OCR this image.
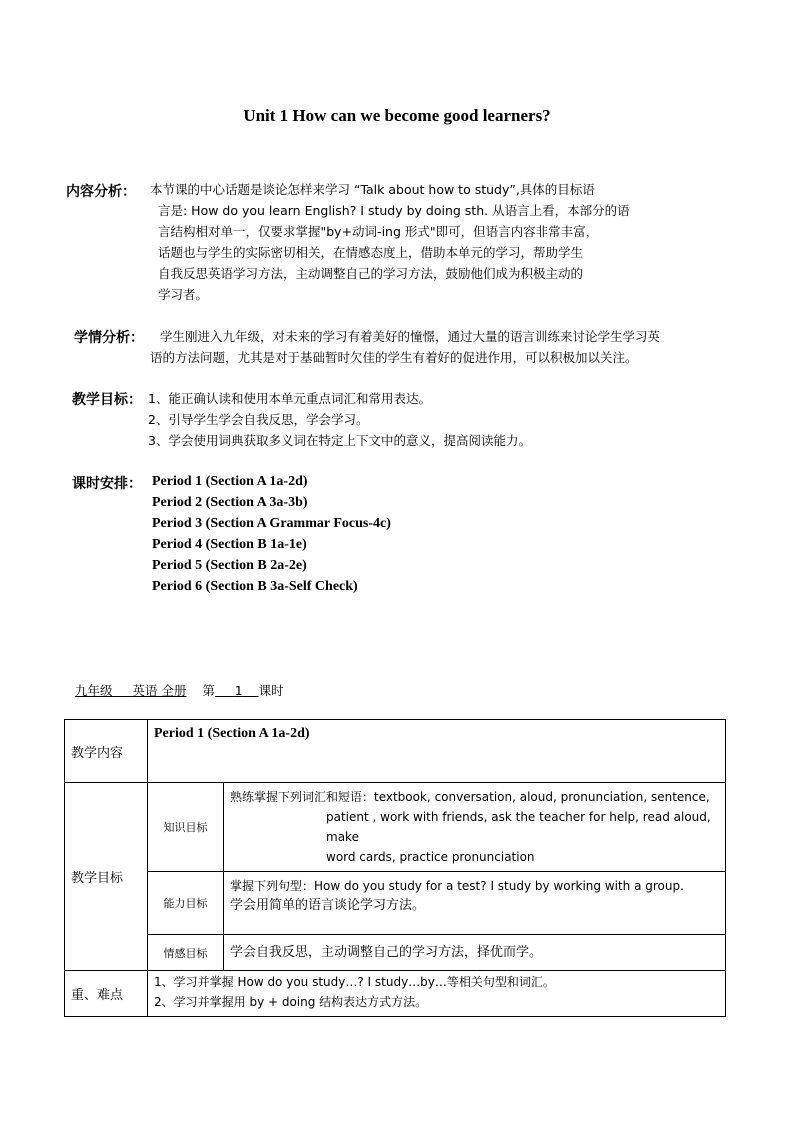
Unit 1 How can we become good learners?
内容分析： 本节课的中心话题是谈论怎样来学习 “Talk about how to study”,具体的目标语
言是: How do you learn English? I study by doing sth. 从语言上看，本部分的语
言结构相对单一，仅要求掌握"by+动词-ing 形式"即可，但语言内容非常丰富，
话题也与学生的实际密切相关，在情感态度上，借助本单元的学习，帮助学生
自我反思英语学习方法，主动调整自己的学习方法，鼓励他们成为积极主动的
学习者。
学情分析： 学生刚进入九年级，对未来的学习有着美好的憧憬，通过大量的语言训练来讨论学生学习英
语的方法问题，尤其是对于基础暂时欠佳的学生有着好的促进作用，可以积极加以关注。
教学目标： 1、能正确认读和使用本单元重点词汇和常用表达。
2、引导学生学会自我反思，学会学习。
3、学会使用词典获取多义词在特定上下文中的意义，提高阅读能力。
课时安排： Period 1 (Section A 1a-2d)
Period 2 (Section A 3a-3b)
Period 3 (Section A Grammar Focus-4c)
Period 4 (Section B 1a-1e)
Period 5 (Section B 2a-2e)
Period 6 (Section B 3a-Self Check)
九年级 英语 全册 第 1 课时
教学内容	Period 1 (Section A 1a-2d)	
教学目标	知识目标	熟练掌握下列词汇和短语：textbook, conversation, aloud, pronunciation, sentence,
patient , work with friends, ask the teacher for help, read aloud, make
word cards, practice pronunciation

	能力目标	掌握下列句型：How do you study for a test? I study by working with a group.
学会用简单的语言谈论学习方法。

	情感目标	学会自我反思，主动调整自己的学习方法，择优而学。
重、难点	1、学习并掌握 How do you study…? I study…by…等相关句型和词汇。
2、学习并掌握用 by + doing 结构表达方式方法。	
